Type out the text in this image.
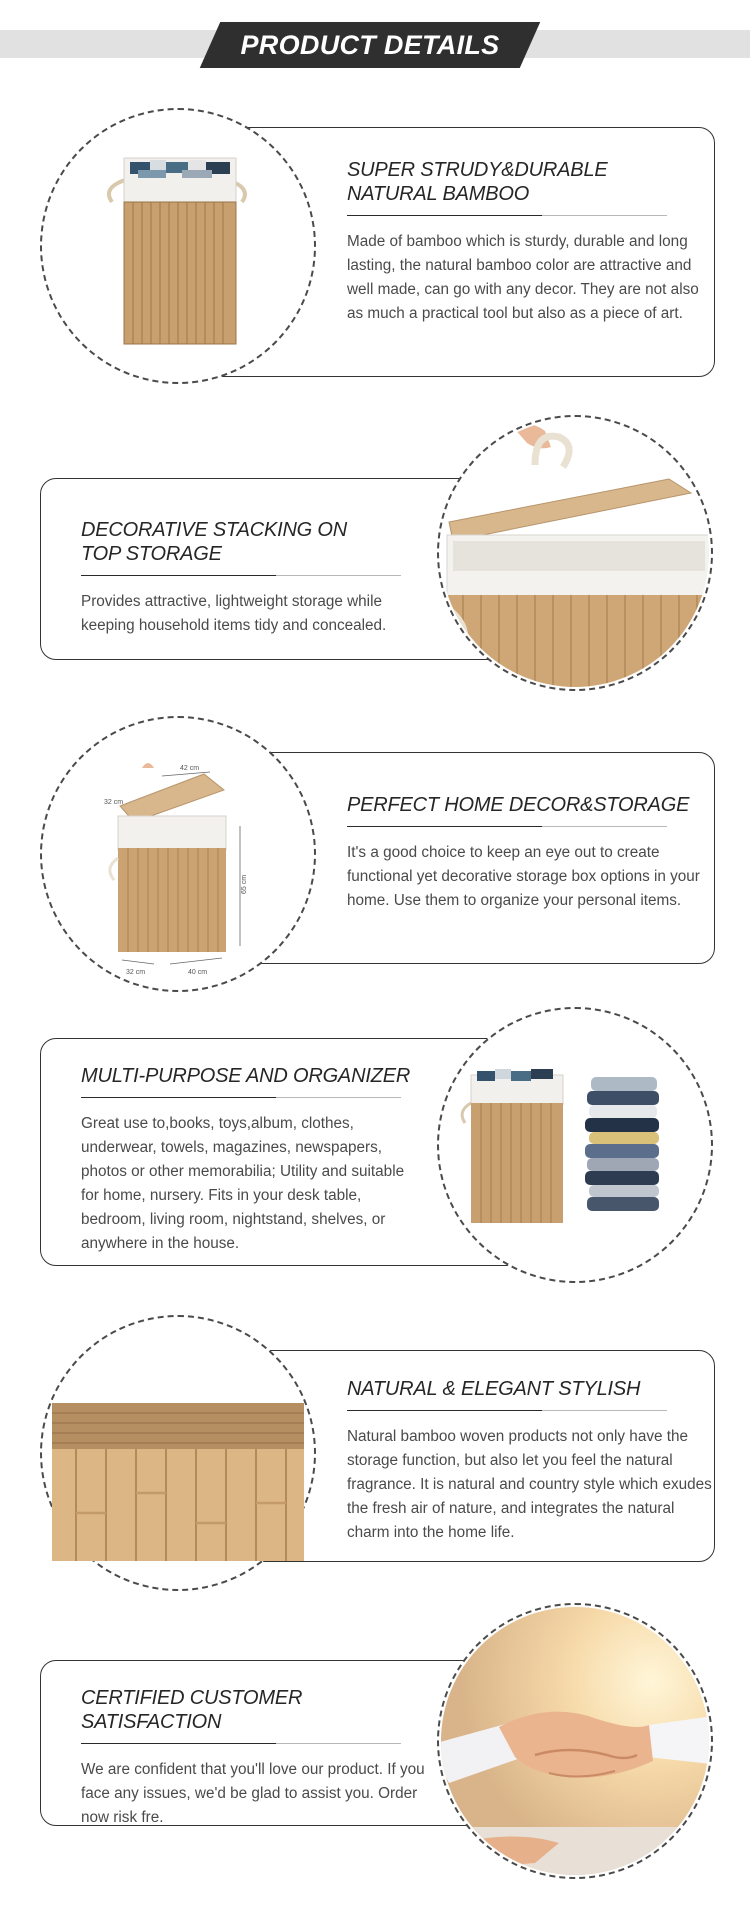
PRODUCT DETAILS
SUPER STRUDY&DURABLE
NATURAL BAMBOO

Made of bamboo which is sturdy, durable and long lasting, the natural bamboo color are attractive and well made, can go with any decor. They are not also as much a practical tool but also as a piece of art.

DECORATIVE STACKING ON
TOP STORAGE

Provides attractive, lightweight storage while keeping household items tidy and concealed.

PERFECT HOME DECOR&STORAGE

It's a good choice to keep an eye out to create functional yet decorative storage box options in your home. Use them to organize your personal items.

42 cm
32 cm
65 cm
32 cm	40 cm
MULTI-PURPOSE AND ORGANIZER

Great use to,books, toys,album, clothes, underwear, towels, magazines, newspapers, photos or other memorabilia; Utility and suitable for home, nursery. Fits in your desk table, bedroom, living room, nightstand, shelves, or anywhere in the house.

NATURAL & ELEGANT STYLISH

Natural bamboo woven products not only have the storage function, but also let you feel the natural fragrance. It is natural and country style which exudes the fresh air of nature, and integrates the natural charm into the home life.

CERTIFIED CUSTOMER SATISFACTION

We are confident that you'll love our product. If you face any issues, we'd be glad to assist you. Order now risk fre.
